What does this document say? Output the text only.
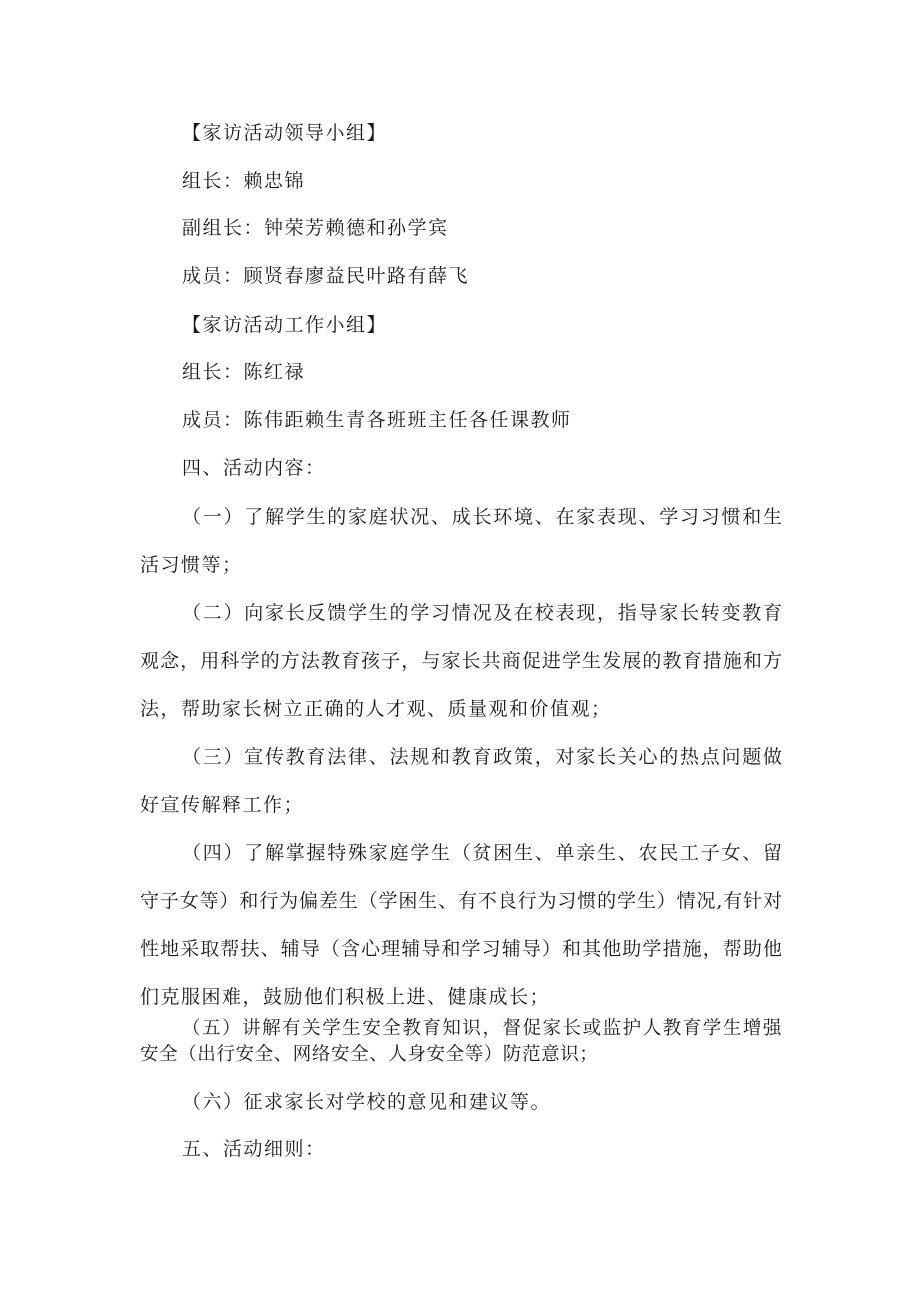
【家访活动领导小组】
组长：赖忠锦
副组长：钟荣芳赖德和孙学宾
成员：顾贤春廖益民叶路有薛飞
【家访活动工作小组】
组长：陈红禄
成员：陈伟距赖生青各班班主任各任课教师
四、活动内容：
（一）了解学生的家庭状况、成长环境、在家表现、学习习惯和生
活习惯等；
（二）向家长反馈学生的学习情况及在校表现，指导家长转变教育
观念，用科学的方法教育孩子，与家长共商促进学生发展的教育措施和方
法，帮助家长树立正确的人才观、质量观和价值观；
（三）宣传教育法律、法规和教育政策，对家长关心的热点问题做
好宣传解释工作；
（四）了解掌握特殊家庭学生（贫困生、单亲生、农民工子女、留
守子女等）和行为偏差生（学困生、有不良行为习惯的学生）情况,有针对
性地采取帮扶、辅导（含心理辅导和学习辅导）和其他助学措施，帮助他
们克服困难，鼓励他们积极上进、健康成长；
（五）讲解有关学生安全教育知识，督促家长或监护人教育学生增强
安全（出行安全、网络安全、人身安全等）防范意识；
（六）征求家长对学校的意见和建议等。
五、活动细则：
